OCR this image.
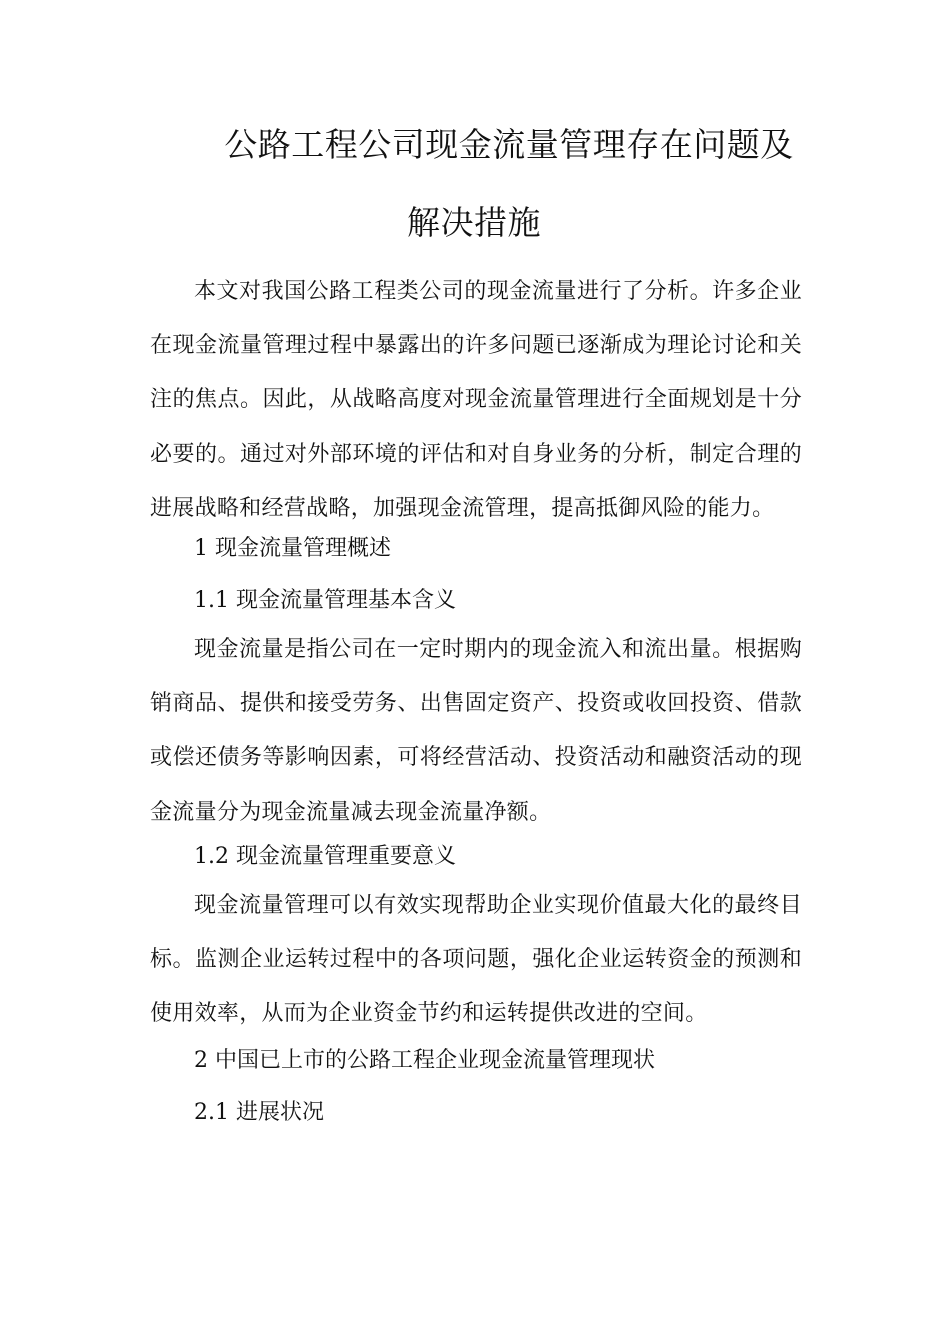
公路工程公司现金流量管理存在问题及
解决措施
本文对我国公路工程类公司的现金流量进行了分析。许多企业在现金流量管理过程中暴露出的许多问题已逐渐成为理论讨论和关注的焦点。因此，从战略高度对现金流量管理进行全面规划是十分必要的。通过对外部环境的评估和对自身业务的分析，制定合理的进展战略和经营战略，加强现金流管理，提高抵御风险的能力。
1 现金流量管理概述
1.1 现金流量管理基本含义
现金流量是指公司在一定时期内的现金流入和流出量。根据购销商品、提供和接受劳务、出售固定资产、投资或收回投资、借款或偿还债务等影响因素，可将经营活动、投资活动和融资活动的现金流量分为现金流量减去现金流量净额。
1.2 现金流量管理重要意义
现金流量管理可以有效实现帮助企业实现价值最大化的最终目标。监测企业运转过程中的各项问题，强化企业运转资金的预测和使用效率，从而为企业资金节约和运转提供改进的空间。
2 中国已上市的公路工程企业现金流量管理现状
2.1 进展状况
